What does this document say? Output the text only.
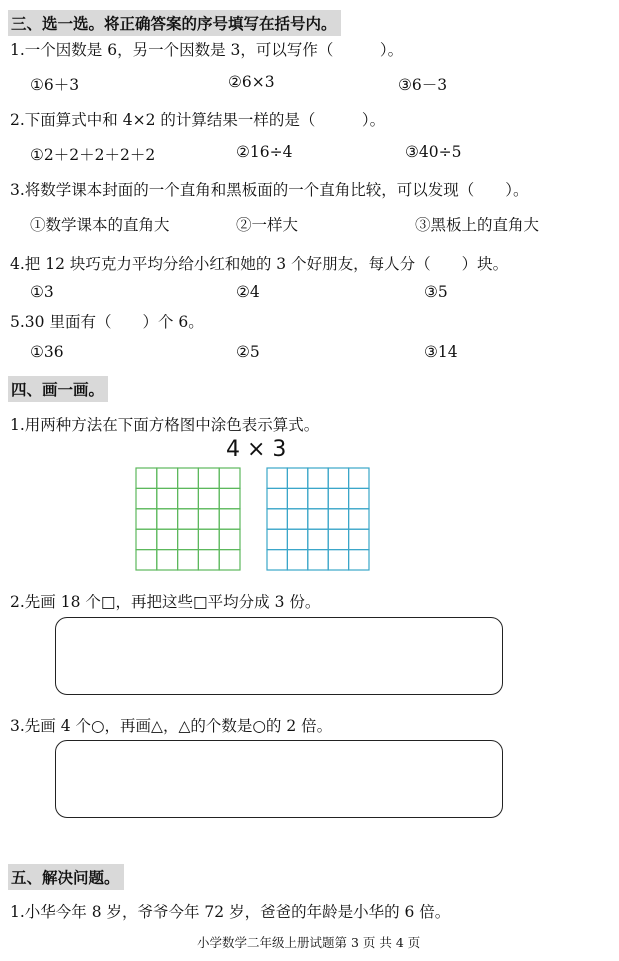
三、选一选。将正确答案的序号填写在括号内。
1.一个因数是 6，另一个因数是 3，可以写作（　　　）。
①6＋3	②6×3	③6－3
2.下面算式中和 4×2 的计算结果一样的是（　　　）。
①2＋2＋2＋2＋2	②16÷4	③40÷5
3.将数学课本封面的一个直角和黑板面的一个直角比较，可以发现（　　）。
①数学课本的直角大	②一样大	③黑板上的直角大
4.把 12 块巧克力平均分给小红和她的 3 个好朋友，每人分（　　）块。
①3	②4	③5
5.30 里面有（　　）个 6。
①36	②5	③14
四、画一画。
1.用两种方法在下面方格图中涂色表示算式。
4 × 3
2.先画 18 个□，再把这些□平均分成 3 份。
3.先画 4 个○，再画△，△的个数是○的 2 倍。
五、解决问题。
1.小华今年 8 岁，爷爷今年 72 岁，爸爸的年龄是小华的 6 倍。
小学数学二年级上册试题第 3 页 共 4 页
